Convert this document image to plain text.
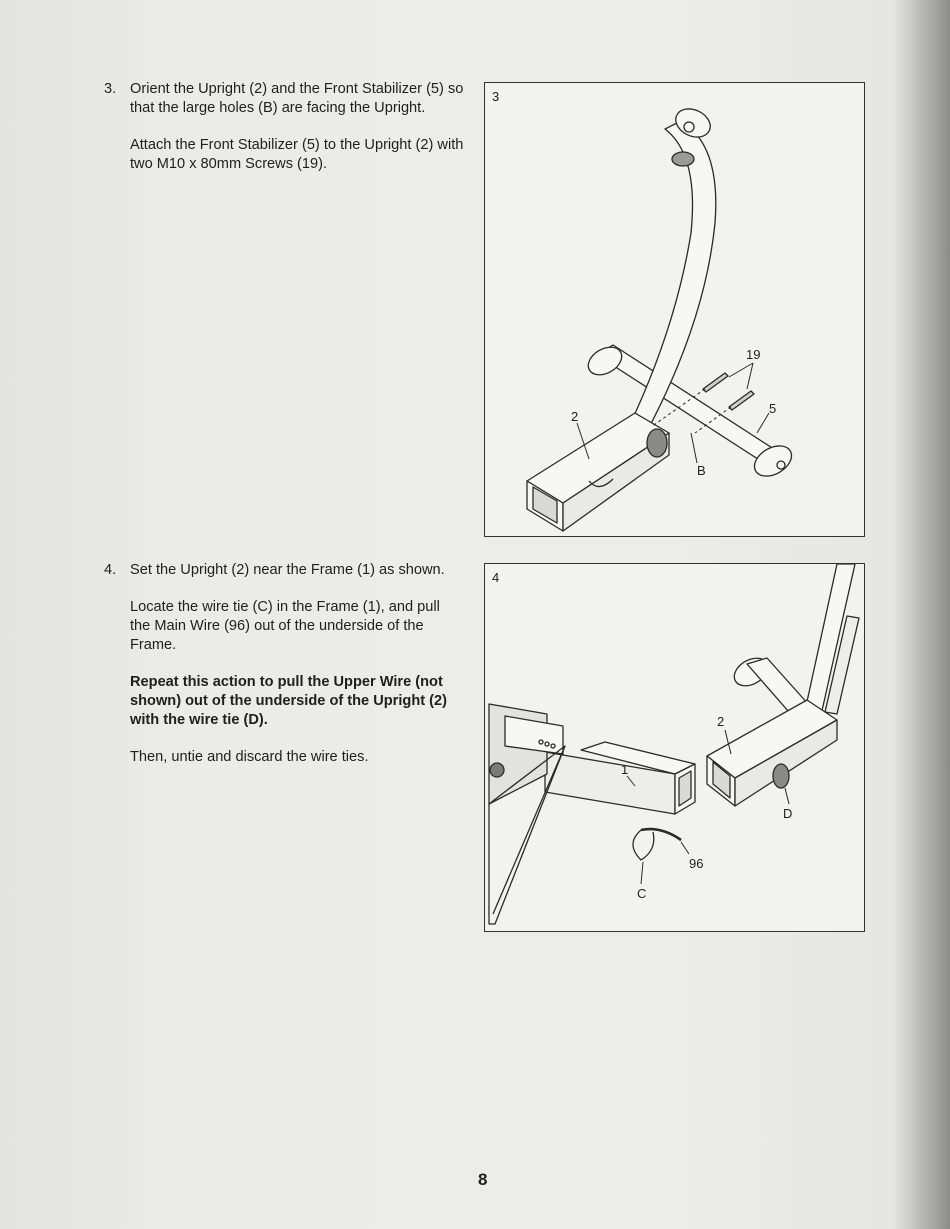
3. Orient the Upright (2) and the Front Stabilizer (5) so that the large holes (B) are facing the Upright.

Attach the Front Stabilizer (5) to the Upright (2) with two M10 x 80mm Screws (19).

4. Set the Upright (2) near the Frame (1) as shown.

Locate the wire tie (C) in the Frame (1), and pull the Main Wire (96) out of the underside of the Frame.

Repeat this action to pull the Upper Wire (not shown) out of the underside of the Upright (2) with the wire tie (D).

Then, untie and discard the wire ties.

3
19
5
2
B
4
2
1
D
96
C
8
